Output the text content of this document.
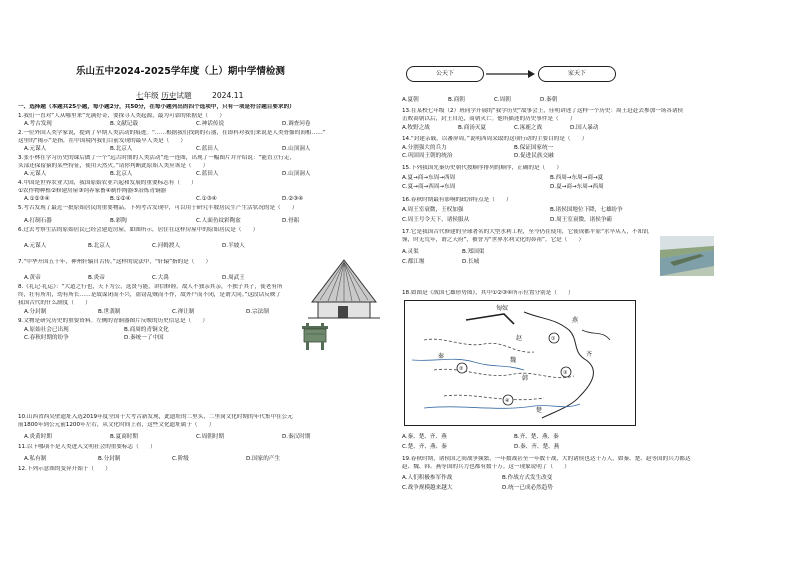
乐山五中2024-2025学年度（上）期中学情检测
七年级 历史试题	2024.11
一、选择题（本题共25小题，每小题2分，共50分，在每小题列出的四个选项中，只有一项是符合题目要求的）
1.我们一直对“人从哪里来”充满好奇，要探寻人类起源，最为可靠的依据是（　　）
A.考古发现	B.文献记载	C.神话传说	D.调查问卷
2.一位外国人类学家说，提到了早期人类活动的痕迹。“……根据我们找到的石器，在即科对我们来说是人类骨骼的间相……”
这里的“揭示”是指，在中国境内我们目前发现的最早人类是（　　）
A.元谋人	B.北京人	C.蓝田人	D.山顶洞人
3.张小林在学习历史的课后做了一个“远古时期的人类活动”连一连图，出现了一幅图片并介绍说：“能直立行走，
头部还保留猿的某些特征，使用天然火。”请你判断此原始人类应该是（　　）
A.元谋人	B.北京人	C.蓝田人	D.山顶洞人
4.中国是世界农业大国，我国原始农业兴起和发展的重要标志有（　　）
①农作物种植②修建房屋③饲养家畜④制作陶器⑤冶炼青铜器
A.①②③④	B.①②④	C.①③④	D.②③④
5.考古发现了最近一批原始居民的重要物品。下列考古发现中，可以用于研究半坡居民生产生活状况的是（　　）
A.打制石器	B.彩陶	C.人面鱼纹彩陶盆	D.骨耜
6.过去考察生活的原始居民已经会建造房屋，如图所示，居住在这样房屋中的原始居民是（　　）
A.元谋人	B.北京人	C.河姆渡人	D.半坡人
7.“中华开国五千年，神州轩辕自古传。”这样的说法中，“轩辕”指的是（　　）
A.黄帝	B.炎帝	C.大禹	D.周武王
8.《礼记·礼运》：“大道之行也，天下为公，选贤与能，讲信修睦。故人不独亲其亲，不独子其子，使老有所
终，壮有所用，幼有所长……是故谋闭而不兴，盗窃乱贼而不作，故外户而不闭，是谓大同。”这段话反映了
我国古代的什么制度（　　）
A.分封制	B.世袭制	C.禅让制	D.宗法制
9.文物是研究历史的重要资料。左侧的青铜器图片反映的历史信息是（　　）
A.原始社会已出现	B.商周的青铜文化
C.春秋时期的纷争	D.秦统一了中国
10.山西省西吴壁遗址入选2019年度全国十大考古新发现，此遗址的二里头，二里岗文化时期的年代集中在公元
前1800年到公元前1200年左右，从文化时间上看，这些文化遗址属于（　　）
A.炎黄时期	B.夏商时期	C.周朝时期	D.秦汉时期
11.以下哪项不是人类进入文明社会的重要标志（　　）
A.私有制	B.分封制	C.阶级	D.国家的产生
12.下列示意图的变异开始于（　　）
公天下	家天下
A.夏朝	B.商朝	C.周朝	D.秦朝
13.在某校七年级（2）班同学开展的“我学历史”故事会上，佳明讲述了这样一个历史：周王赶赴去参加一场各诸侯
击败商朝以后，封王自范，商朝灭亡。他所描述的历史事件是（　　）
A.牧野之战	B.商汤灭夏	C.涿鹿之战	D.国人暴动
14.“封建亲戚，以蕃屏周。”说明西周采取的这项行动的主要目的是（　　）
A.分割强大的兵力	B.保证国家统一
C.巩固周王朝的统治	D.促进民族交融
15.下列我国先秦历史朝代按顺序排列的顺序，正确的是（　　）
A.夏→商→东周→西周	B.西周→东周→商→夏
C.夏→商→西周→东周	D.夏→商→东周→西周
16.春秋时期最有影响的政治特点是（　　）
A.周王室衰微，王权加强	B.诸侯国地位下降，七雄纷争
C.周王号令天下，诸侯服从	D.周王室衰微，诸侯争霸
17.它是我国古代修建的全球著名的大型水利工程，至今仍在使用，它使成都平原“水旱从人，不知饥
馑，时无荒年，谓之天府”，被誉为“世界水利文化的鼻祖”。它是（　　）
A.灵渠	B.郑国渠
C.都江堰	D.长城
18.如图是《战国七雄形势图》，其中①②③④所示位置分别是（　　）
匈奴
燕
赵
魏
韩
齐
秦
楚
①
②
③
④
A.秦、楚、齐、燕	B.齐、楚、燕、秦
C.楚、齐、燕、秦	D.秦、齐、楚、燕
19.春秋时期，诸侯国之间战争频繁，一年数战甚至一年数十战，大的诸侯也达十万人，如秦、楚、赵等国的兵力都达
赵、魏、韩、燕等国的兵力也都有数十万。这一现象说明了（　　）
A.人们积极参军作战	B.作战方式发生改变
C.战争规模越来越大	D.统一已成必然趋势
